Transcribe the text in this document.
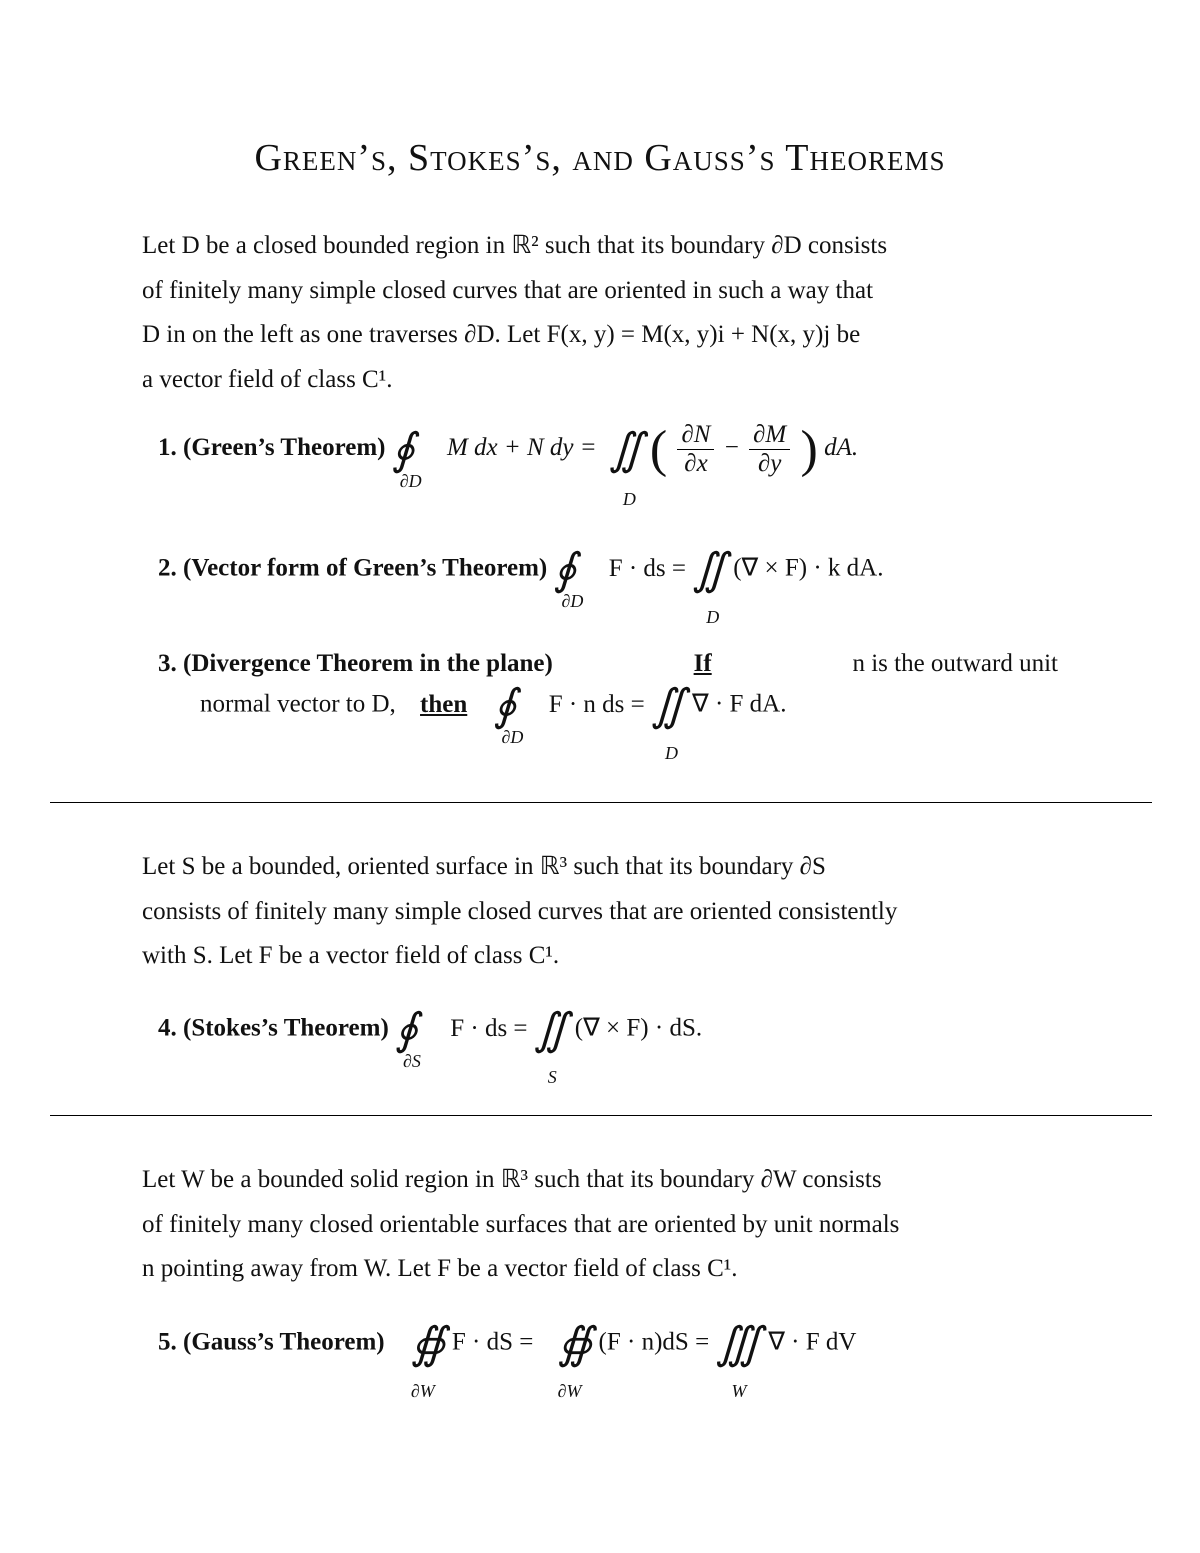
Green’s, Stokes’s, and Gauss’s Theorems
Let D be a closed bounded region in ℝ² such that its boundary ∂D consists
of finitely many simple closed curves that are oriented in such a way that
D in on the left as one traverses ∂D. Let F(x, y) = M(x, y)i + N(x, y)j be
a vector field of class C¹.
1. (Green’s Theorem) ∮
∂D
M dx + N dy = ∬
D
( $\frac{\partial N}{\partial x} - \frac{\partial M}{\partial y}$ ) dA.
2. (Vector form of Green’s Theorem) ∮
∂D
F · ds = ∬
D
(∇ × F) · k dA.
3. (Divergence Theorem in the plane)	If	n is the outward unit
normal vector to D, then ∮
∂D
F · n ds = ∬
D
∇ · F dA.
Let S be a bounded, oriented surface in ℝ³ such that its boundary ∂S
consists of finitely many simple closed curves that are oriented consistently
with S. Let F be a vector field of class C¹.
4. (Stokes’s Theorem) ∮
∂S
F · ds = ∬
S
(∇ × F) · dS.
Let W be a bounded solid region in ℝ³ such that its boundary ∂W consists
of finitely many closed orientable surfaces that are oriented by unit normals
n pointing away from W. Let F be a vector field of class C¹.
5. (Gauss’s Theorem) ∯
∂W
F · dS = ∯
∂W
(F · n)dS = ∭
W
∇ · F dV
